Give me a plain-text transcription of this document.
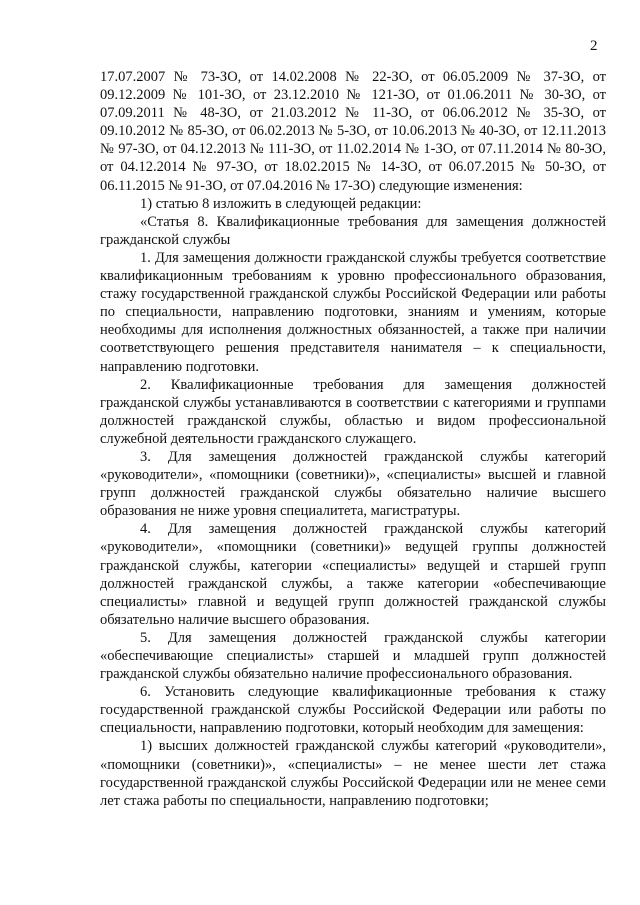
2

17.07.2007 № 73-ЗО, от 14.02.2008 № 22-ЗО, от 06.05.2009 № 37-ЗО, от 09.12.2009 № 101-ЗО, от 23.12.2010 № 121-ЗО, от 01.06.2011 № 30-ЗО, от 07.09.2011 № 48-ЗО, от 21.03.2012 № 11-ЗО, от 06.06.2012 № 35-ЗО, от 09.10.2012 № 85-ЗО, от 06.02.2013 № 5-ЗО, от 10.06.2013 № 40-ЗО, от 12.11.2013 № 97-ЗО, от 04.12.2013 № 111-ЗО, от 11.02.2014 № 1-ЗО, от 07.11.2014 № 80-ЗО, от 04.12.2014 № 97-ЗО, от 18.02.2015 № 14-ЗО, от 06.07.2015 № 50-ЗО, от 06.11.2015 № 91-ЗО, от 07.04.2016 № 17-ЗО) следующие изменения:

1) статью 8 изложить в следующей редакции:

«Статья 8. Квалификационные требования для замещения должностей гражданской службы

1. Для замещения должности гражданской службы требуется соответствие квалификационным требованиям к уровню профессионального образования, стажу государственной гражданской службы Российской Федерации или работы по специальности, направлению подготовки, знаниям и умениям, которые необходимы для исполнения должностных обязанностей, а также при наличии соответствующего решения представителя нанимателя – к специальности, направлению подготовки.

2. Квалификационные требования для замещения должностей гражданской службы устанавливаются в соответствии с категориями и группами должностей гражданской службы, областью и видом профессиональной служебной деятельности гражданского служащего.

3. Для замещения должностей гражданской службы категорий «руководители», «помощники (советники)», «специалисты» высшей и главной групп должностей гражданской службы обязательно наличие высшего образования не ниже уровня специалитета, магистратуры.

4. Для замещения должностей гражданской службы категорий «руководители», «помощники (советники)» ведущей группы должностей гражданской службы, категории «специалисты» ведущей и старшей групп должностей гражданской службы, а также категории «обеспечивающие специалисты» главной и ведущей групп должностей гражданской службы обязательно наличие высшего образования.

5. Для замещения должностей гражданской службы категории «обеспечивающие специалисты» старшей и младшей групп должностей гражданской службы обязательно наличие профессионального образования.

6. Установить следующие квалификационные требования к стажу государственной гражданской службы Российской Федерации или работы по специальности, направлению подготовки, который необходим для замещения:

1) высших должностей гражданской службы категорий «руководители», «помощники (советники)», «специалисты» – не менее шести лет стажа государственной гражданской службы Российской Федерации или не менее семи лет стажа работы по специальности, направлению подготовки;
